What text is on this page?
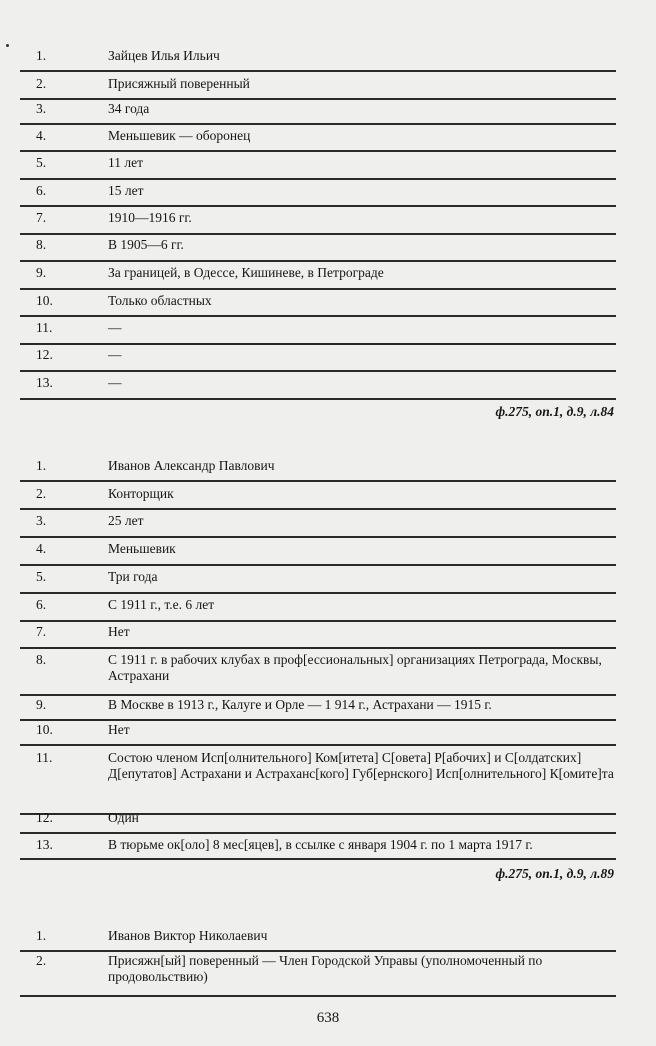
1.	Зайцев Илья Ильич
2.	Присяжный поверенный
3.	34 года
4.	Меньшевик — оборонец
5.	11 лет
6.	15 лет
7.	1910—1916 гг.
8.	В 1905—6 гг.
9.	За границей, в Одессе, Кишиневе, в Петрограде
10.	Только областных
11.	—
12.	—
13.	—
ф.275, оп.1, д.9, л.84
1.	Иванов Александр Павлович
2.	Конторщик
3.	25 лет
4.	Меньшевик
5.	Три года
6.	С 1911 г., т.е. 6 лет
7.	Нет
8.	С 1911 г. в рабочих клубах в проф[ессиональных] организациях Петрограда, Москвы, Астрахани
9.	В Москве в 1913 г., Калуге и Орле — 1 914 г., Астрахани — 1915 г.
10.	Нет
11.	Состою членом Исп[олнительного] Ком[итета] С[овета] Р[абочих] и С[олдатских] Д[епутатов] Астрахани и Астраханс[кого] Губ[ернского] Исп[олнительного] К[омите]та
12.	Один
13.	В тюрьме ок[оло] 8 мес[яцев], в ссылке с января 1904 г. по 1 марта 1917 г.
ф.275, оп.1, д.9, л.89
1.	Иванов Виктор Николаевич
2.	Присяжн[ый] поверенный — Член Городской Управы (уполномоченный по продовольствию)
638
